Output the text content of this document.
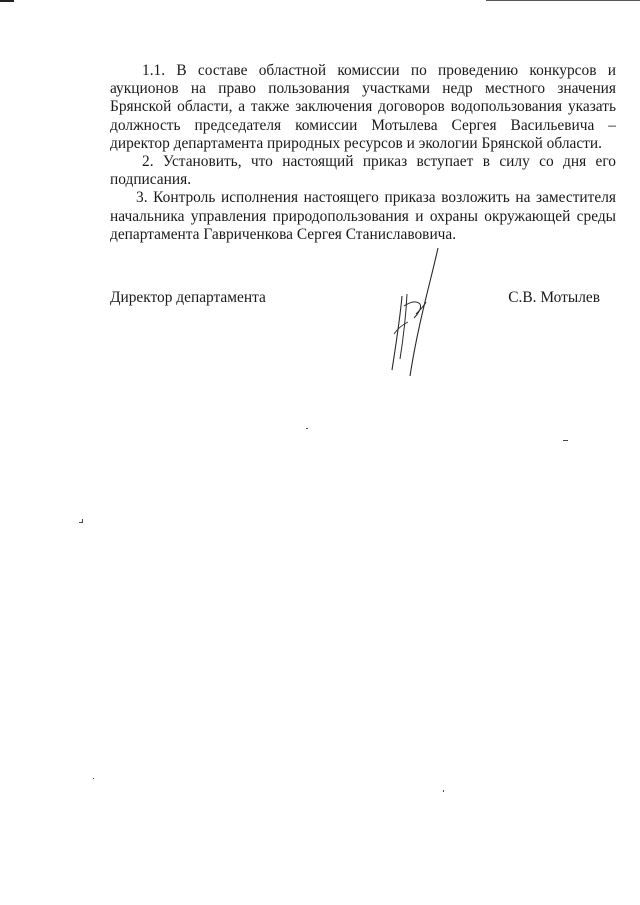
1.1. В составе областной комиссии по проведению конкурсов и аукционов на право пользования участками недр местного значения Брянской области, а также заключения договоров водопользования указать должность председателя комиссии Мотылева Сергея Васильевича – директор департамента природных ресурсов и экологии Брянской области.

2. Установить, что настоящий приказ вступает в силу со дня его подписания.

3. Контроль исполнения настоящего приказа возложить на заместителя начальника управления природопользования и охраны окружающей среды департамента Гавриченкова Сергея Станиславовича.

Директор департамента	С.В. Мотылев
